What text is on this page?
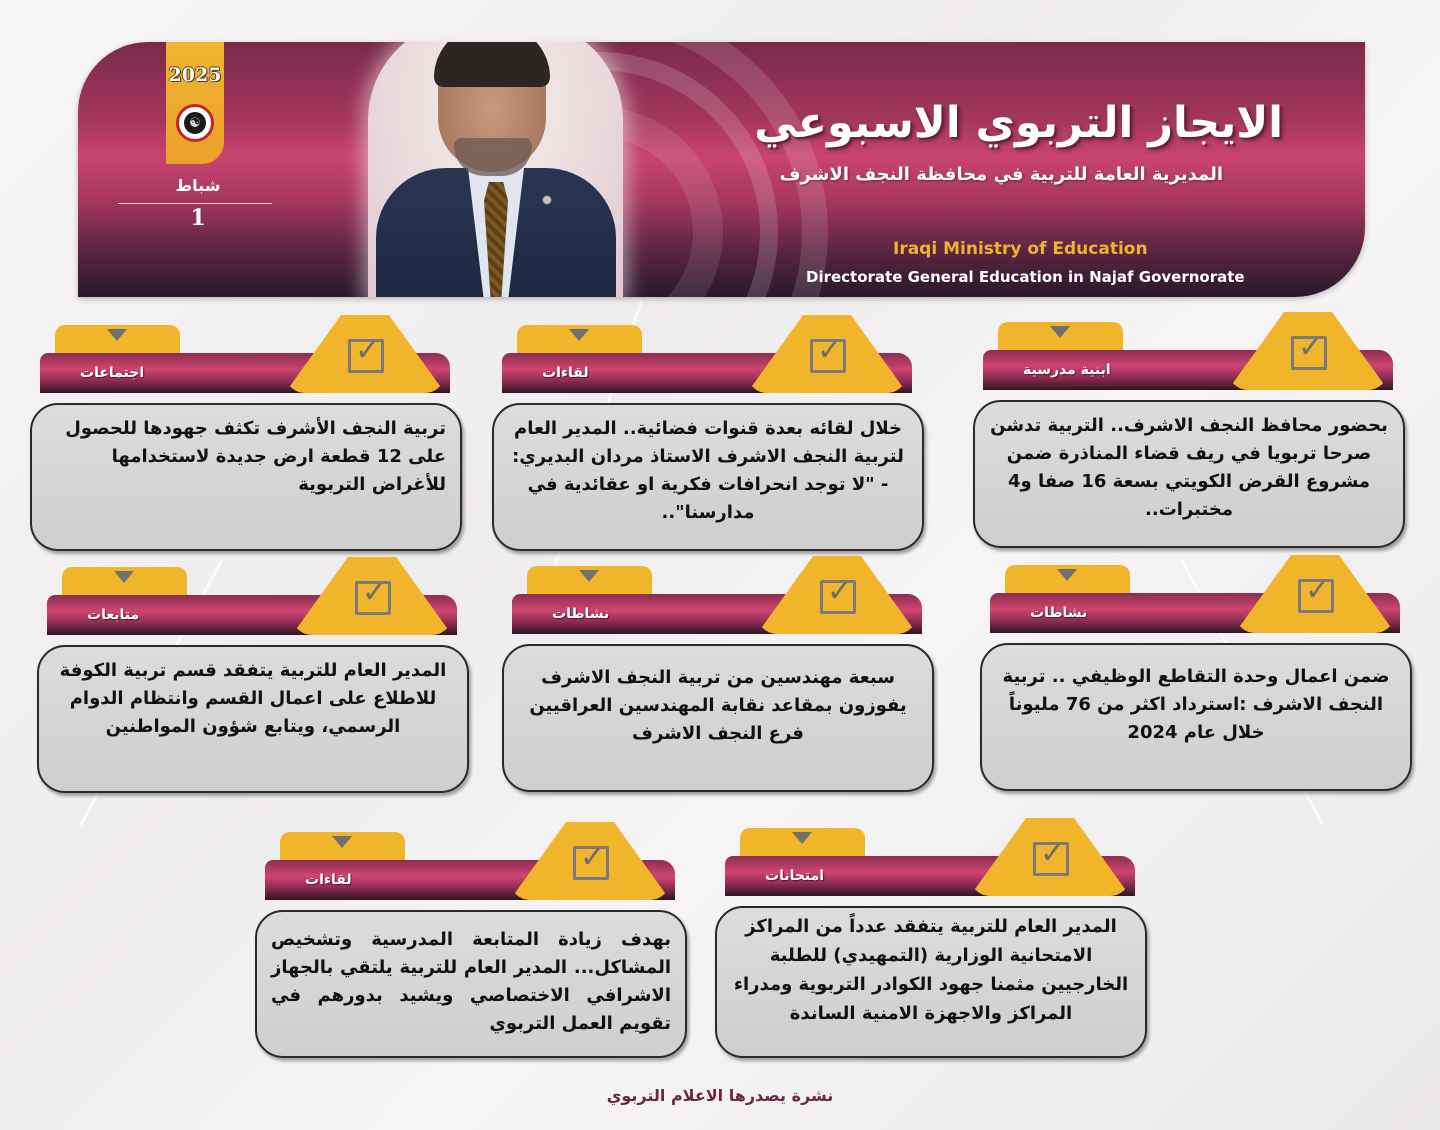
2025
☯
شباط
1
الايجاز التربوي الاسبوعي
المديرية العامة للتربية في محافظة النجف الاشرف
Iraqi Ministry of Education
Directorate General Education in Najaf Governorate
ابنية مدرسية
✓
بحضور محافظ النجف الاشرف.. التربية تدشن صرحا تربويا في ريف قضاء المناذرة ضمن مشروع القرض الكويتي بسعة 16 صفا و4 مختبرات..
لقاءات
✓
خلال لقائه بعدة قنوات فضائية.. المدير العام لتربية النجف الاشرف الاستاذ مردان البديري: - "لا توجد انحرافات فكرية او عقائدية في مدارسنا"..
اجتماعات
✓
تربية النجف الأشرف تكثف جهودها للحصول على 12 قطعة ارض جديدة لاستخدامها للأغراض التربوية
نشاطات
✓
ضمن اعمال وحدة التقاطع الوظيفي .. تربية النجف الاشرف :استرداد اكثر من 76 مليوناً خلال عام 2024
نشاطات
✓
سبعة مهندسين من تربية النجف الاشرف يفوزون بمقاعد نقابة المهندسين العراقيين فرع النجف الاشرف
متابعات
✓
المدير العام للتربية يتفقد قسم تربية الكوفة للاطلاع على اعمال القسم وانتظام الدوام الرسمي، ويتابع شؤون المواطنين
امتحانات
✓
المدير العام للتربية يتفقد عدداً من المراكز الامتحانية الوزارية (التمهيدي) للطلبة الخارجيين مثمنا جهود الكوادر التربوية ومدراء المراكز والاجهزة الامنية الساندة
لقاءات
✓
بهدف زيادة المتابعة المدرسية وتشخيص المشاكل... المدير العام للتربية يلتقي بالجهاز الاشرافي الاختصاصي ويشيد بدورهم في تقويم العمل التربوي
نشرة يصدرها الاعلام التربوي
